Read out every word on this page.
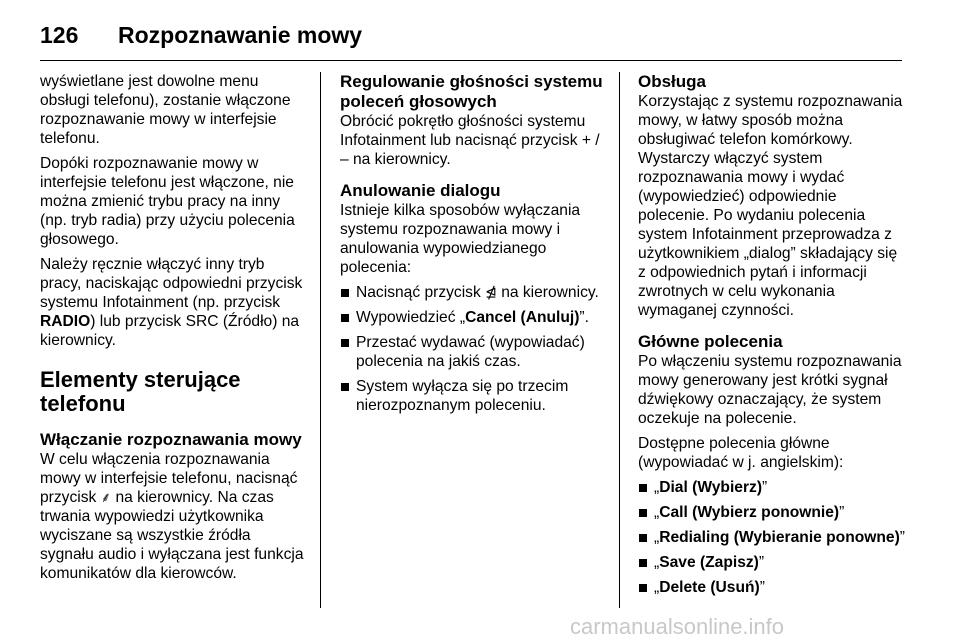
126	Rozpoznawanie mowy

wyświetlane jest dowolne menu obsługi telefonu), zostanie włączone rozpoznawanie mowy w interfejsie telefonu.

Dopóki rozpoznawanie mowy w interfejsie telefonu jest włączone, nie można zmienić trybu pracy na inny (np. tryb radia) przy użyciu polecenia głosowego.

Należy ręcznie włączyć inny tryb pracy, naciskając odpowiedni przycisk systemu Infotainment (np. przycisk RADIO) lub przycisk SRC (Źródło) na kierownicy.

Elementy sterujące telefonu
Włączanie rozpoznawania mowy

W celu włączenia rozpoznawania mowy w interfejsie telefonu, nacisnąć przycisk ⸙ na kierownicy. Na czas trwania wypowiedzi użytkownika wyciszane są wszystkie źródła sygnału audio i wyłączana jest funkcja komunikatów dla kierowców.

Regulowanie głośności systemu poleceń głosowych

Obrócić pokrętło głośności systemu Infotainment lub nacisnąć przycisk + / – na kierownicy.

Anulowanie dialogu

Istnieje kilka sposobów wyłączania systemu rozpoznawania mowy i anulowania wypowiedzianego polecenia:

Nacisnąć przycisk ⋬ na kierownicy.
Wypowiedzieć „Cancel (Anuluj)”.
Przestać wydawać (wypowiadać) polecenia na jakiś czas.
System wyłącza się po trzecim nierozpoznanym poleceniu.
Obsługa

Korzystając z systemu rozpoznawania mowy, w łatwy sposób można obsługiwać telefon komórkowy. Wystarczy włączyć system rozpoznawania mowy i wydać (wypowiedzieć) odpowiednie polecenie. Po wydaniu polecenia system Infotainment przeprowadza z użytkownikiem „dialog” składający się z odpowiednich pytań i informacji zwrotnych w celu wykonania wymaganej czynności.

Główne polecenia

Po włączeniu systemu rozpoznawania mowy generowany jest krótki sygnał dźwiękowy oznaczający, że system oczekuje na polecenie.

Dostępne polecenia główne (wypowiadać w j. angielskim):

„Dial (Wybierz)”
„Call (Wybierz ponownie)”
„Redialing (Wybieranie ponowne)”
„Save (Zapisz)”
„Delete (Usuń)”
carmanualsonline.info
